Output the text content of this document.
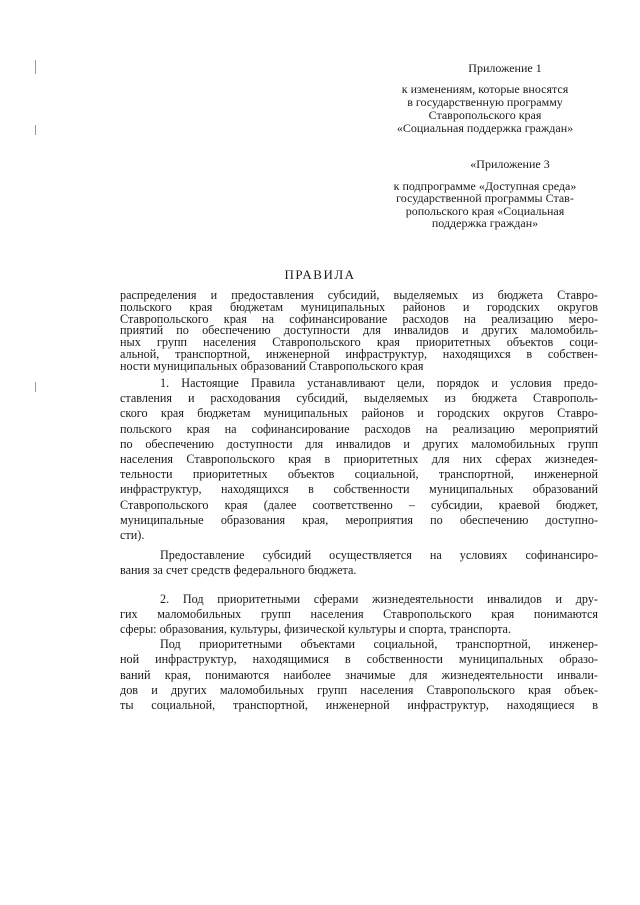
Приложение 1
к изменениям, которые вносятся
в государственную программу
Ставропольского края
«Социальная поддержка граждан»
«Приложение 3
к подпрограмме «Доступная среда»
государственной программы Став-
ропольского края «Социальная
поддержка граждан»
ПРАВИЛА
распределения и предоставления субсидий, выделяемых из бюджета Ставро-
польского края бюджетам муниципальных районов и городских округов
Ставропольского края на софинансирование расходов на реализацию меро-
приятий по обеспечению доступности для инвалидов и других маломобиль-
ных групп населения Ставропольского края приоритетных объектов соци-
альной, транспортной, инженерной инфраструктур, находящихся в собствен-
ности муниципальных образований Ставропольского края
1. Настоящие Правила устанавливают цели, порядок и условия предо-
ставления и расходования субсидий, выделяемых из бюджета Ставрополь-
ского края бюджетам муниципальных районов и городских округов Ставро-
польского края на софинансирование расходов на реализацию мероприятий
по обеспечению доступности для инвалидов и других маломобильных групп
населения Ставропольского края в приоритетных для них сферах жизнедея-
тельности приоритетных объектов социальной, транспортной, инженерной
инфраструктур, находящихся в собственности муниципальных образований
Ставропольского края (далее соответственно – субсидии, краевой бюджет,
муниципальные образования края, мероприятия по обеспечению доступно-
сти).
Предоставление субсидий осуществляется на условиях софинансиро-
вания за счет средств федерального бюджета.
2. Под приоритетными сферами жизнедеятельности инвалидов и дру-
гих маломобильных групп населения Ставропольского края понимаются
сферы: образования, культуры, физической культуры и спорта, транспорта.
Под приоритетными объектами социальной, транспортной, инженер-
ной инфраструктур, находящимися в собственности муниципальных образо-
ваний края, понимаются наиболее значимые для жизнедеятельности инвали-
дов и других маломобильных групп населения Ставропольского края объек-
ты социальной, транспортной, инженерной инфраструктур, находящиеся в
